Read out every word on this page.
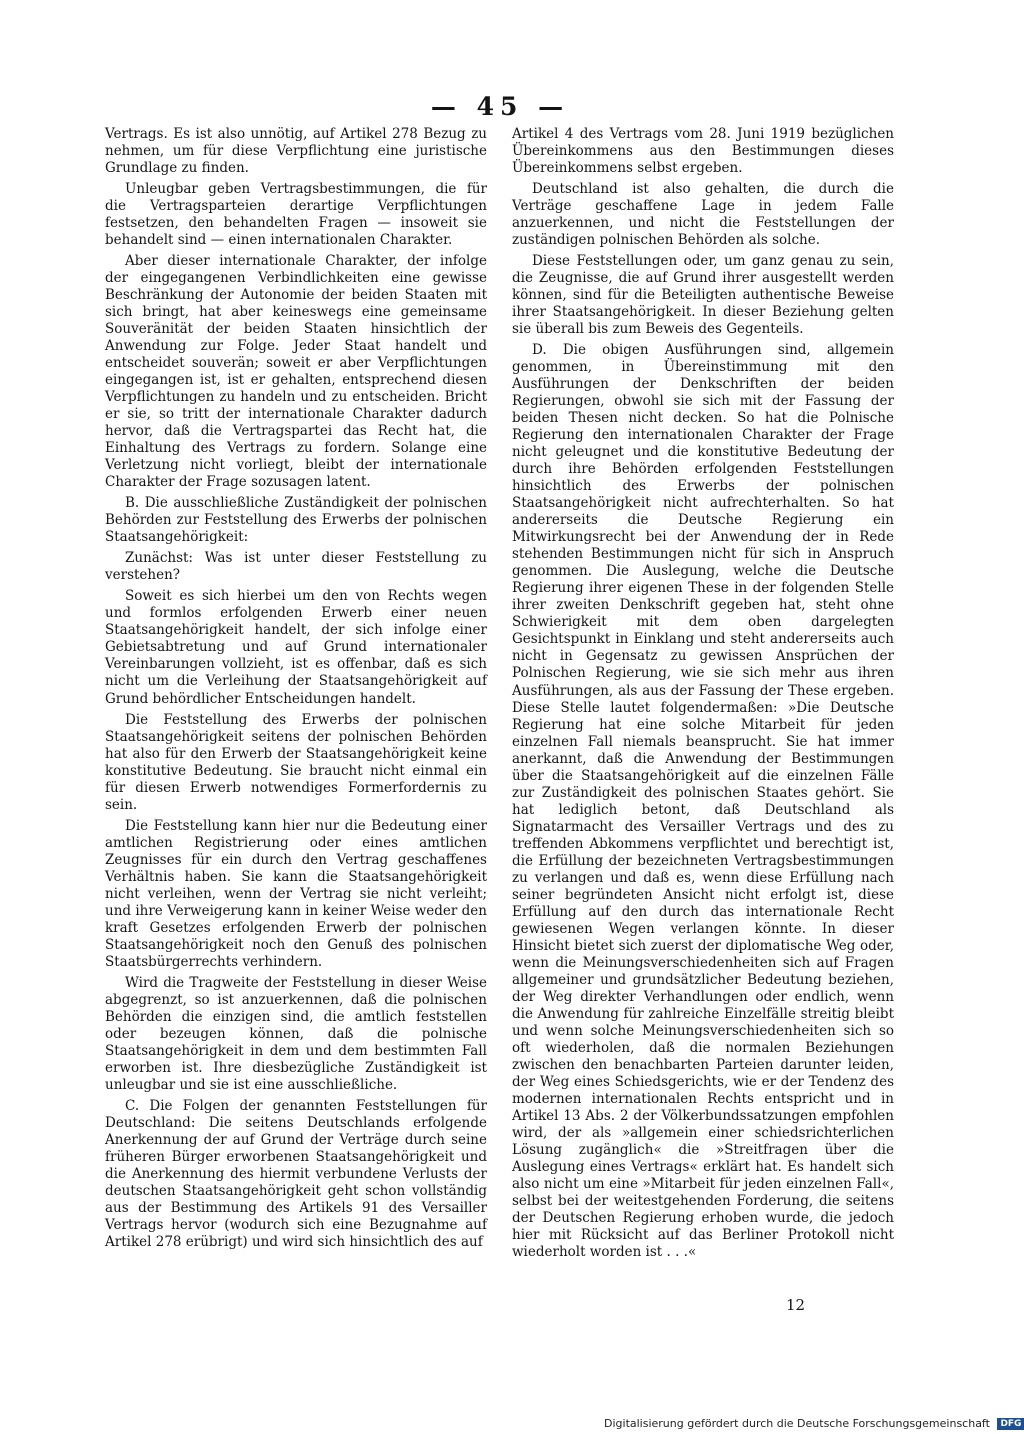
— 45 —

Vertrags. Es ist also unnötig, auf Artikel 278 Bezug zu nehmen, um für diese Verpflichtung eine juristische Grundlage zu finden.

Unleugbar geben Vertragsbestimmungen, die für die Vertragsparteien derartige Verpflichtungen festsetzen, den behandelten Fragen — insoweit sie behandelt sind — einen internationalen Charakter.

Aber dieser internationale Charakter, der infolge der eingegangenen Verbindlichkeiten eine gewisse Beschränkung der Autonomie der beiden Staaten mit sich bringt, hat aber keineswegs eine gemeinsame Souveränität der beiden Staaten hinsichtlich der Anwendung zur Folge. Jeder Staat handelt und entscheidet souverän; soweit er aber Verpflichtungen eingegangen ist, ist er gehalten, entsprechend diesen Verpflichtungen zu handeln und zu entscheiden. Bricht er sie, so tritt der internationale Charakter dadurch hervor, daß die Vertragspartei das Recht hat, die Einhaltung des Vertrags zu fordern. Solange eine Verletzung nicht vorliegt, bleibt der internationale Charakter der Frage sozusagen latent.

B. Die ausschließliche Zuständigkeit der polnischen Behörden zur Feststellung des Erwerbs der polnischen Staatsangehörigkeit:

Zunächst: Was ist unter dieser Feststellung zu verstehen?

Soweit es sich hierbei um den von Rechts wegen und formlos erfolgenden Erwerb einer neuen Staatsangehörigkeit handelt, der sich infolge einer Gebietsabtretung und auf Grund internationaler Vereinbarungen vollzieht, ist es offenbar, daß es sich nicht um die Verleihung der Staatsangehörigkeit auf Grund behördlicher Entscheidungen handelt.

Die Feststellung des Erwerbs der polnischen Staatsangehörigkeit seitens der polnischen Behörden hat also für den Erwerb der Staatsangehörigkeit keine konstitutive Bedeutung. Sie braucht nicht einmal ein für diesen Erwerb notwendiges Formerfordernis zu sein.

Die Feststellung kann hier nur die Bedeutung einer amtlichen Registrierung oder eines amtlichen Zeugnisses für ein durch den Vertrag geschaffenes Verhältnis haben. Sie kann die Staatsangehörigkeit nicht verleihen, wenn der Vertrag sie nicht verleiht; und ihre Verweigerung kann in keiner Weise weder den kraft Gesetzes erfolgenden Erwerb der polnischen Staatsangehörigkeit noch den Genuß des polnischen Staatsbürgerrechts verhindern.

Wird die Tragweite der Feststellung in dieser Weise abgegrenzt, so ist anzuerkennen, daß die polnischen Behörden die einzigen sind, die amtlich feststellen oder bezeugen können, daß die polnische Staatsangehörigkeit in dem und dem bestimmten Fall erworben ist. Ihre diesbezügliche Zuständigkeit ist unleugbar und sie ist eine ausschließliche.

C. Die Folgen der genannten Feststellungen für Deutschland: Die seitens Deutschlands erfolgende Anerkennung der auf Grund der Verträge durch seine früheren Bürger erworbenen Staatsangehörigkeit und die Anerkennung des hiermit verbundene Verlusts der deutschen Staatsangehörigkeit geht schon vollständig aus der Bestimmung des Artikels 91 des Versailler Vertrags hervor (wodurch sich eine Bezugnahme auf Artikel 278 erübrigt) und wird sich hinsichtlich des auf

Artikel 4 des Vertrags vom 28. Juni 1919 bezüglichen Übereinkommens aus den Bestimmungen dieses Übereinkommens selbst ergeben.

Deutschland ist also gehalten, die durch die Verträge geschaffene Lage in jedem Falle anzuerkennen, und nicht die Feststellungen der zuständigen polnischen Behörden als solche.

Diese Feststellungen oder, um ganz genau zu sein, die Zeugnisse, die auf Grund ihrer ausgestellt werden können, sind für die Beteiligten authentische Beweise ihrer Staatsangehörigkeit. In dieser Beziehung gelten sie überall bis zum Beweis des Gegenteils.

D. Die obigen Ausführungen sind, allgemein genommen, in Übereinstimmung mit den Ausführungen der Denkschriften der beiden Regierungen, obwohl sie sich mit der Fassung der beiden Thesen nicht decken. So hat die Polnische Regierung den internationalen Charakter der Frage nicht geleugnet und die konstitutive Bedeutung der durch ihre Behörden erfolgenden Feststellungen hinsichtlich des Erwerbs der polnischen Staatsangehörigkeit nicht aufrechterhalten. So hat andererseits die Deutsche Regierung ein Mitwirkungsrecht bei der Anwendung der in Rede stehenden Bestimmungen nicht für sich in Anspruch genommen. Die Auslegung, welche die Deutsche Regierung ihrer eigenen These in der folgenden Stelle ihrer zweiten Denkschrift gegeben hat, steht ohne Schwierigkeit mit dem oben dargelegten Gesichtspunkt in Einklang und steht andererseits auch nicht in Gegensatz zu gewissen Ansprüchen der Polnischen Regierung, wie sie sich mehr aus ihren Ausführungen, als aus der Fassung der These ergeben. Diese Stelle lautet folgendermaßen: »Die Deutsche Regierung hat eine solche Mitarbeit für jeden einzelnen Fall niemals beansprucht. Sie hat immer anerkannt, daß die Anwendung der Bestimmungen über die Staatsangehörigkeit auf die einzelnen Fälle zur Zuständigkeit des polnischen Staates gehört. Sie hat lediglich betont, daß Deutschland als Signatarmacht des Versailler Vertrags und des zu treffenden Abkommens verpflichtet und berechtigt ist, die Erfüllung der bezeichneten Vertragsbestimmungen zu verlangen und daß es, wenn diese Erfüllung nach seiner begründeten Ansicht nicht erfolgt ist, diese Erfüllung auf den durch das internationale Recht gewiesenen Wegen verlangen könnte. In dieser Hinsicht bietet sich zuerst der diplomatische Weg oder, wenn die Meinungsverschiedenheiten sich auf Fragen allgemeiner und grundsätzlicher Bedeutung beziehen, der Weg direkter Verhandlungen oder endlich, wenn die Anwendung für zahlreiche Einzelfälle streitig bleibt und wenn solche Meinungsverschiedenheiten sich so oft wiederholen, daß die normalen Beziehungen zwischen den benachbarten Parteien darunter leiden, der Weg eines Schiedsgerichts, wie er der Tendenz des modernen internationalen Rechts entspricht und in Artikel 13 Abs. 2 der Völkerbundssatzungen empfohlen wird, der als »allgemein einer schiedsrichterlichen Lösung zugänglich« die »Streitfragen über die Auslegung eines Vertrags« erklärt hat. Es handelt sich also nicht um eine »Mitarbeit für jeden einzelnen Fall«, selbst bei der weitestgehenden Forderung, die seitens der Deutschen Regierung erhoben wurde, die jedoch hier mit Rücksicht auf das Berliner Protokoll nicht wiederholt worden ist . . .«

12
Digitalisierung gefördert durch die Deutsche Forschungsgemeinschaft DFG
